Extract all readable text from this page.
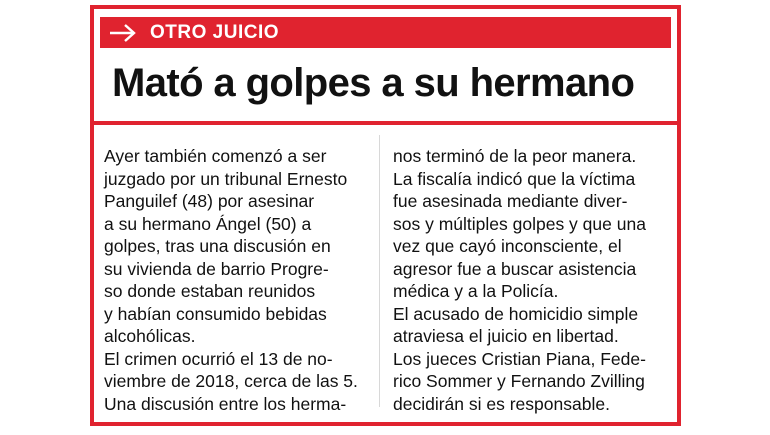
OTRO JUICIO
Mató a golpes a su hermano
Ayer también comenzó a ser
juzgado por un tribunal Ernesto
Panguilef (48) por asesinar
a su hermano Ángel (50) a
golpes, tras una discusión en
su vivienda de barrio Progre-
so donde estaban reunidos
y habían consumido bebidas
alcohólicas.
El crimen ocurrió el 13 de no-
viembre de 2018, cerca de las 5.
Una discusión entre los herma-
nos terminó de la peor manera.
La fiscalía indicó que la víctima
fue asesinada mediante diver-
sos y múltiples golpes y que una
vez que cayó inconsciente, el
agresor fue a buscar asistencia
médica y a la Policía.
El acusado de homicidio simple
atraviesa el juicio en libertad.
Los jueces Cristian Piana, Fede-
rico Sommer y Fernando Zvilling
decidirán si es responsable.
